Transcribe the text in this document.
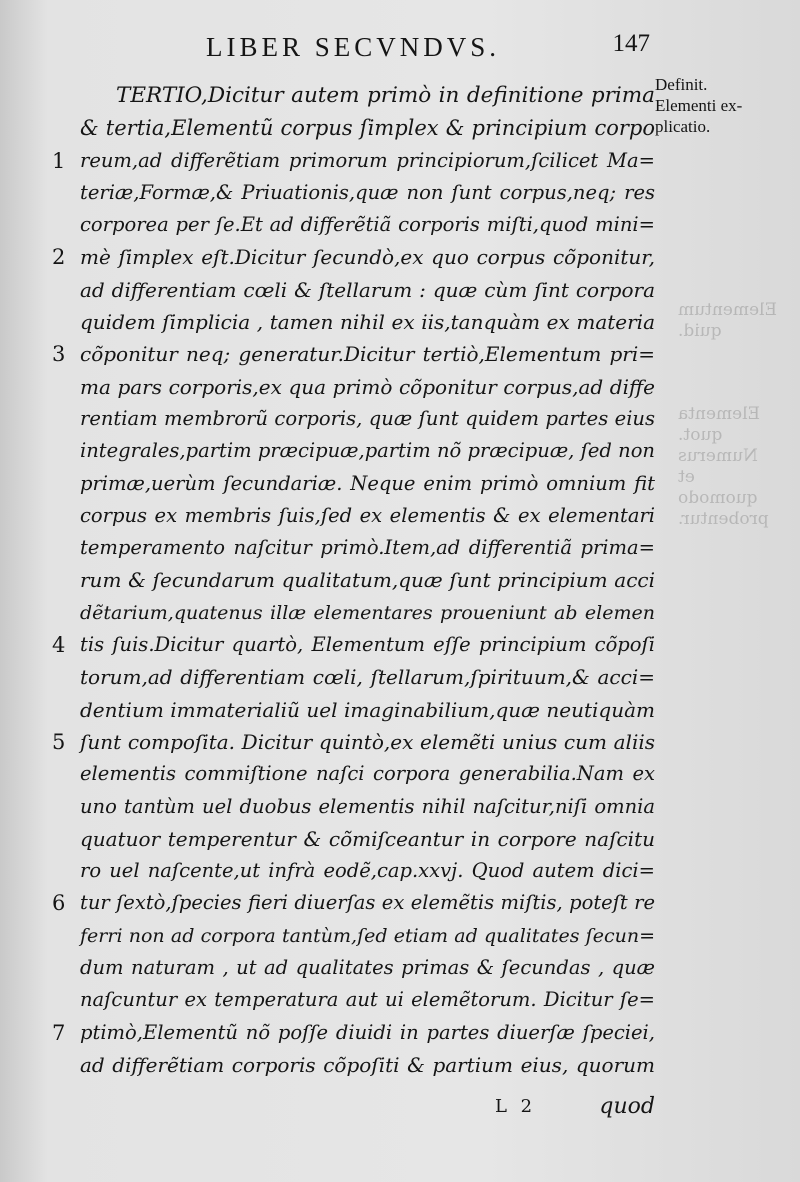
Elementum
quid.
Elementa
quot.
Numerus
et quomodo
probentur.
LIBER SECVNDVS.	147
TERTIO,Dicitur autem primò in definitione prima
& tertia,Elementũ corpus ſimplex & principium corpo
1 reum,ad differẽtiam primorum principiorum,ſcilicet Ma=
teriæ,Formæ,& Priuationis,quæ non ſunt corpus,neq; res
corporea per ſe.Et ad differẽtiã corporis miſti,quod mini=
2 mè ſimplex eſt.Dicitur ſecundò,ex quo corpus cõponitur,
ad differentiam cœli & ſtellarum : quæ cùm ſint corpora
quidem ſimplicia , tamen nihil ex iis,tanquàm ex materia
3 cõponitur neq; generatur.Dicitur tertiò,Elementum pri=
ma pars corporis,ex qua primò cõponitur corpus,ad diffe
rentiam membrorũ corporis, quæ ſunt quidem partes eius
integrales,partim præcipuæ,partim nõ præcipuæ, ſed non
primæ,uerùm ſecundariæ. Neque enim primò omnium fit
corpus ex membris ſuis,ſed ex elementis & ex elementari
temperamento naſcitur primò.Item,ad differentiã prima=
rum & ſecundarum qualitatum,quæ ſunt principium acci
dẽtarium,quatenus illæ elementares proueniunt ab elemen
4 tis ſuis.Dicitur quartò, Elementum eſſe principium cõpoſi
torum,ad differentiam cœli, ſtellarum,ſpirituum,& acci=
dentium immaterialiũ uel imaginabilium,quæ neutiquàm
5 ſunt compoſita. Dicitur quintò,ex elemẽti unius cum aliis
elementis commiſtione naſci corpora generabilia.Nam ex
uno tantùm uel duobus elementis nihil naſcitur,niſi omnia
quatuor temperentur & cõmiſceantur in corpore naſcitu
ro uel naſcente,ut infrà eodẽ,cap.xxvj. Quod autem dici=
6 tur ſextò,ſpecies fieri diuerſas ex elemẽtis miſtis, poteſt re
ferri non ad corpora tantùm,ſed etiam ad qualitates ſecun=
dum naturam , ut ad qualitates primas & ſecundas , quæ
naſcuntur ex temperatura aut ui elemẽtorum. Dicitur ſe=
7 ptimò,Elementũ nõ poſſe diuidi in partes diuerſæ ſpeciei,
ad differẽtiam corporis cõpoſiti & partium eius, quorum
Definit.
Elementi ex-
plicatio.
L 2	quod
